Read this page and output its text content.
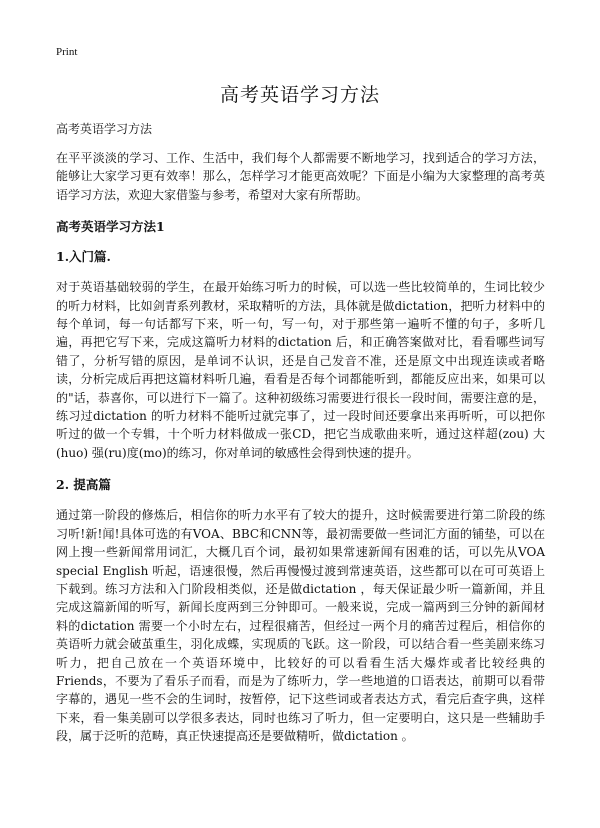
Print
高考英语学习方法

高考英语学习方法

在平平淡淡的学习、工作、生活中，我们每个人都需要不断地学习，找到适合的学习方法，能够让大家学习更有效率！那么，怎样学习才能更高效呢？下面是小编为大家整理的高考英语学习方法，欢迎大家借鉴与参考，希望对大家有所帮助。

高考英语学习方法1

1.入门篇.

对于英语基础较弱的学生，在最开始练习听力的时候，可以选一些比较简单的，生词比较少的听力材料，比如剑青系列教材，采取精听的方法，具体就是做dictation，把听力材料中的每个单词，每一句话都写下来，听一句，写一句，对于那些第一遍听不懂的句子，多听几遍，再把它写下来，完成这篇听力材料的dictation 后，和正确答案做对比，看看哪些词写错了，分析写错的原因，是单词不认识，还是自己发音不准，还是原文中出现连读或者略读，分析完成后再把这篇材料听几遍，看看是否每个词都能听到，都能反应出来，如果可以的"话，恭喜你，可以进行下一篇了。这种初级练习需要进行很长一段时间，需要注意的是，练习过dictation 的听力材料不能听过就完事了，过一段时间还要拿出来再听听，可以把你听过的做一个专辑，十个听力材料做成一张CD，把它当成歌曲来听，通过这样超(zou) 大(huo) 强(ru)度(mo)的练习，你对单词的敏感性会得到快速的提升。

2. 提高篇

通过第一阶段的修炼后，相信你的听力水平有了较大的提升，这时候需要进行第二阶段的练习听!新!闻!具体可选的有VOA、BBC和CNN等，最初需要做一些词汇方面的铺垫，可以在网上搜一些新闻常用词汇，大概几百个词，最初如果常速新闻有困难的话，可以先从VOA special English 听起，语速很慢，然后再慢慢过渡到常速英语，这些都可以在可可英语上下载到。练习方法和入门阶段相类似，还是做dictation ，每天保证最少听一篇新闻，并且完成这篇新闻的听写，新闻长度两到三分钟即可。一般来说，完成一篇两到三分钟的新闻材料的dictation 需要一个小时左右，过程很痛苦，但经过一两个月的痛苦过程后，相信你的英语听力就会破茧重生，羽化成蝶，实现质的飞跃。这一阶段，可以结合看一些美剧来练习听力，把自己放在一个英语环境中，比较好的可以看看生活大爆炸或者比较经典的Friends，不要为了看乐子而看，而是为了练听力，学一些地道的口语表达，前期可以看带字幕的，遇见一些不会的生词时，按暂停，记下这些词或者表达方式，看完后查字典，这样下来，看一集美剧可以学很多表达，同时也练习了听力，但一定要明白，这只是一些辅助手段，属于泛听的范畴，真正快速提高还是要做精听，做dictation 。
